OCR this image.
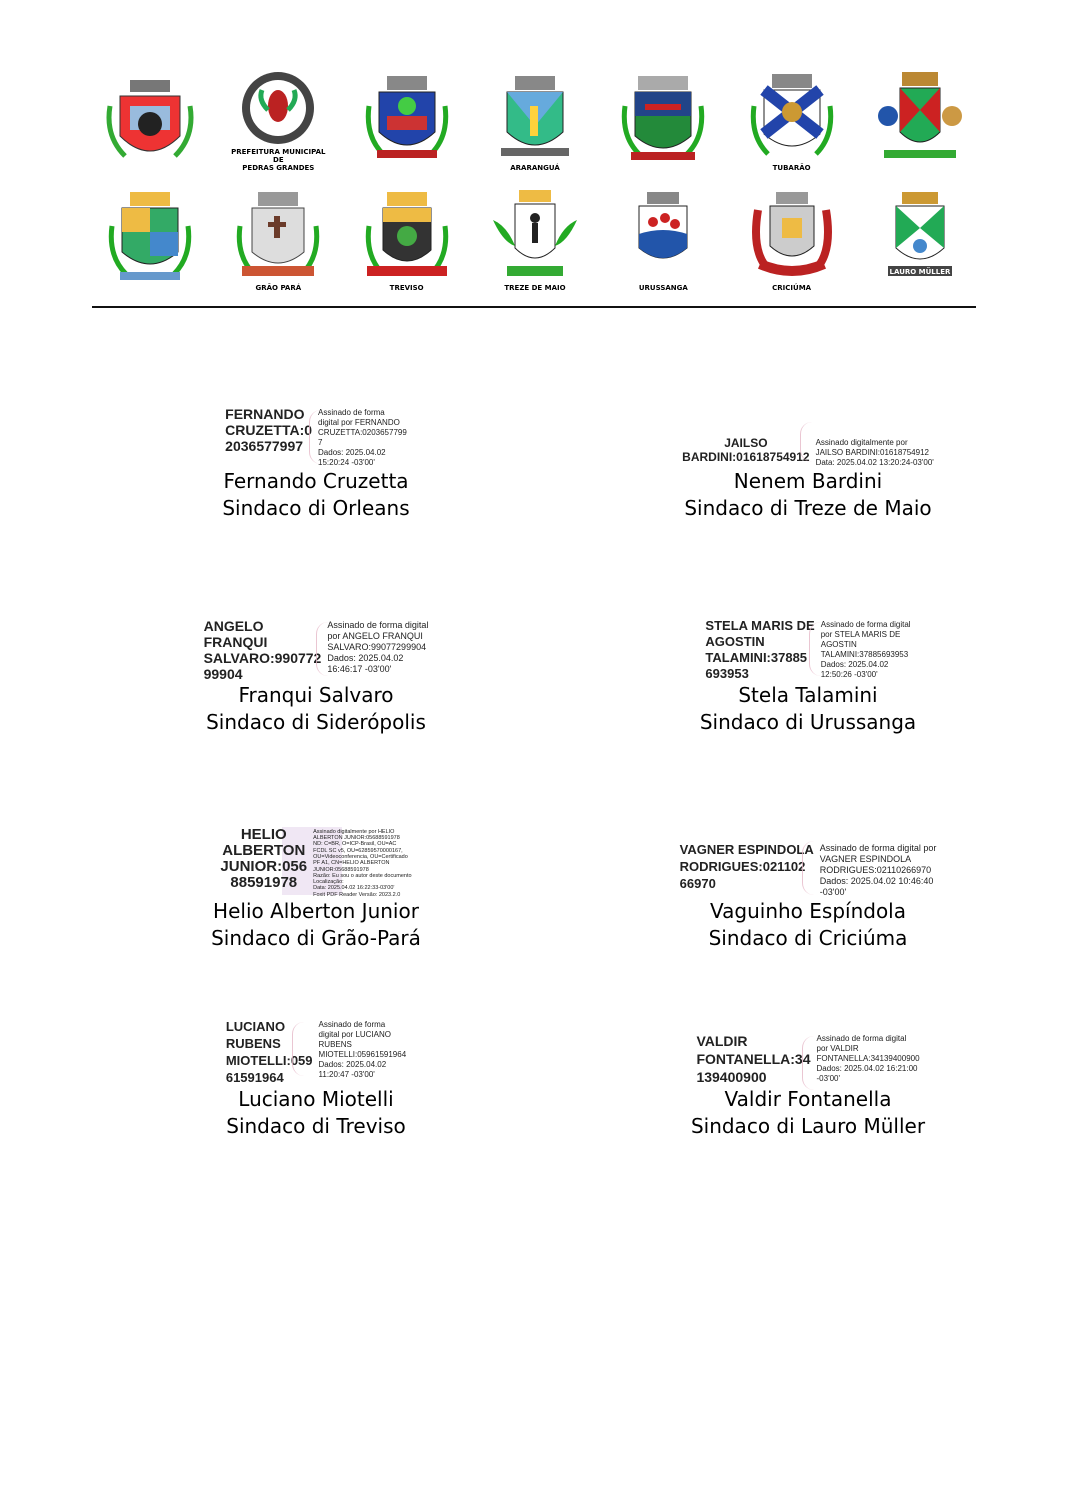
PREFEITURA MUNICIPAL DE
PEDRAS GRANDES	ARARANGUÁ	TUBARÃO
GRÃO PARÁ	TREVISO	TREZE DE MAIO	URUSSANGA	CRICIÚMA
LAURO MÜLLER
FERNANDO
CRUZETTA:0
2036577997
Assinado de forma
digital por FERNANDO
CRUZETTA:0203657799
7
Dados: 2025.04.02
15:20:24 -03'00'
Fernando Cruzetta
Sindaco di Orleans
JAILSO
BARDINI:01618754912
Assinado digitalmente por
JAILSO BARDINI:01618754912
Data: 2025.04.02 13:20:24-03'00'
Nenem Bardini
Sindaco di Treze de Maio
ANGELO
FRANQUI
SALVARO:990772
99904
Assinado de forma digital
por ANGELO FRANQUI
SALVARO:99077299904
Dados: 2025.04.02
16:46:17 -03'00'
Franqui Salvaro
Sindaco di Siderópolis
STELA MARIS DE
AGOSTIN
TALAMINI:37885
693953
Assinado de forma digital
por STELA MARIS DE
AGOSTIN
TALAMINI:37885693953
Dados: 2025.04.02
12:50:26 -03'00'
Stela Talamini
Sindaco di Urussanga
HELIO
ALBERTON
JUNIOR:056
88591978
Assinado digitalmente por HELIO
ALBERTON JUNIOR:05688591978
ND: C=BR, O=ICP-Brasil, OU=AC
FCDL SC v5, OU=62859570000167,
OU=Videoconferencia, OU=Certificado
PF A1, CN=HELIO ALBERTON
JUNIOR:05688591978
Razão: Eu sou o autor deste documento
Localização:
Data: 2025.04.02 16:22:33-03'00'
Foxit PDF Reader Versão: 2023.2.0
Helio Alberton Junior
Sindaco di Grão-Pará
VAGNER ESPINDOLA
RODRIGUES:021102
66970
Assinado de forma digital por
VAGNER ESPINDOLA
RODRIGUES:02110266970
Dados: 2025.04.02 10:46:40
-03'00'
Vaguinho Espíndola
Sindaco di Criciúma
LUCIANO
RUBENS
MIOTELLI:059
61591964
Assinado de forma
digital por LUCIANO
RUBENS
MIOTELLI:05961591964
Dados: 2025.04.02
11:20:47 -03'00'
Luciano Miotelli
Sindaco di Treviso
VALDIR
FONTANELLA:34
139400900
Assinado de forma digital
por VALDIR
FONTANELLA:34139400900
Dados: 2025.04.02 16:21:00
-03'00'
Valdir Fontanella
Sindaco di Lauro Müller
